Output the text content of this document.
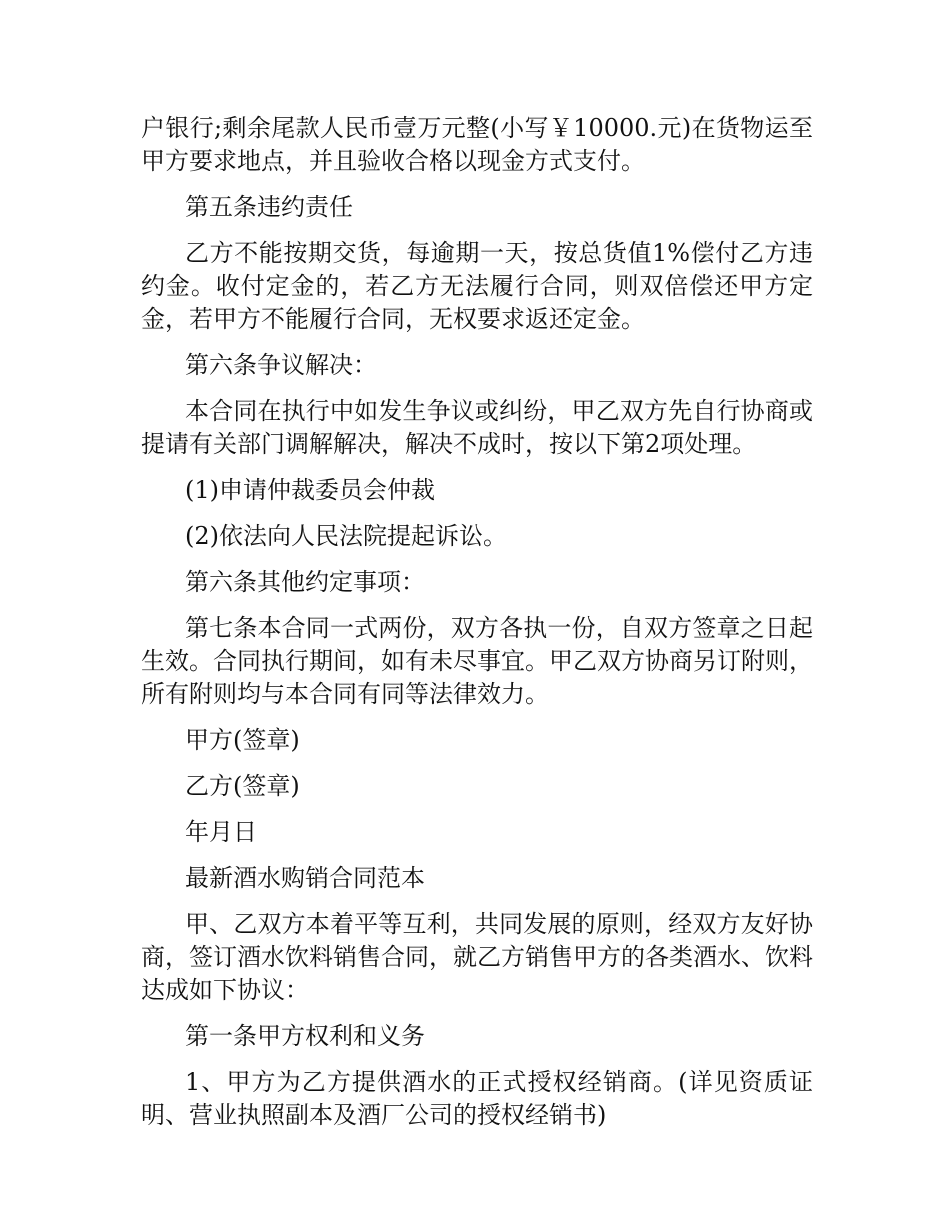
户银行;剩余尾款人民币壹万元整(小写￥10000.元)在货物运至甲方要求地点，并且验收合格以现金方式支付。

第五条违约责任

乙方不能按期交货，每逾期一天，按总货值1%偿付乙方违约金。收付定金的，若乙方无法履行合同，则双倍偿还甲方定金，若甲方不能履行合同，无权要求返还定金。

第六条争议解决：

本合同在执行中如发生争议或纠纷，甲乙双方先自行协商或提请有关部门调解解决，解决不成时，按以下第2项处理。

(1)申请仲裁委员会仲裁

(2)依法向人民法院提起诉讼。

第六条其他约定事项：

第七条本合同一式两份，双方各执一份，自双方签章之日起生效。合同执行期间，如有未尽事宜。甲乙双方协商另订附则，所有附则均与本合同有同等法律效力。

甲方(签章)

乙方(签章)

年月日

最新酒水购销合同范本

甲、乙双方本着平等互利，共同发展的原则，经双方友好协商，签订酒水饮料销售合同，就乙方销售甲方的各类酒水、饮料达成如下协议：

第一条甲方权利和义务

1、甲方为乙方提供酒水的正式授权经销商。(详见资质证明、营业执照副本及酒厂公司的授权经销书)
